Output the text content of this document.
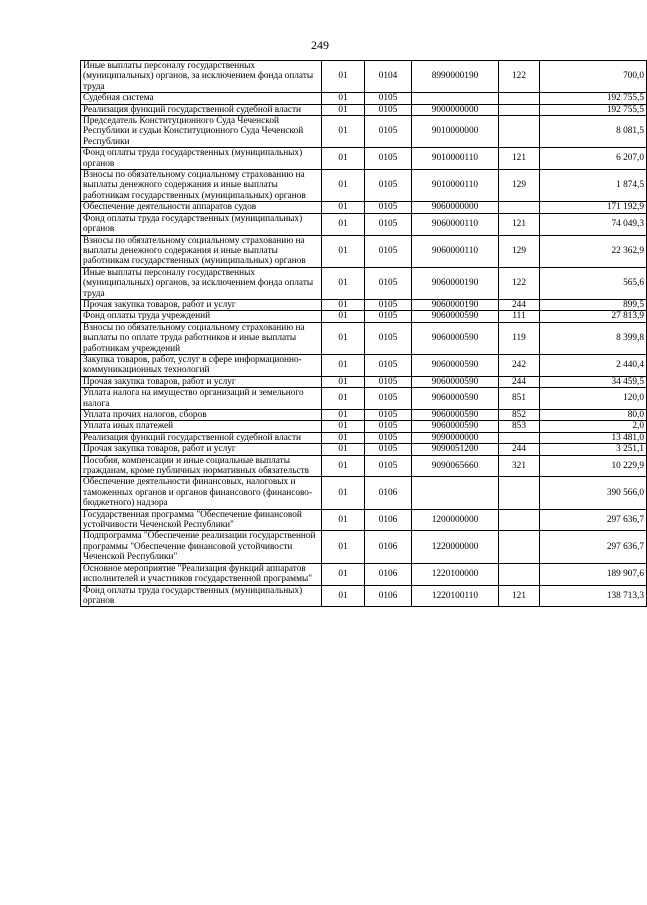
249
Иные выплаты персоналу государственных (муниципальных) органов, за исключением фонда оплаты труда	01	0104	8990000190	122	700,0
Судебная система	01	0105			192 755,5
Реализация функций государственной судебной власти	01	0105	9000000000		192 755,5
Председатель Конституционного Суда Чеченской Республики и судьи Конституционного Суда Чеченской Республики	01	0105	9010000000		8 081,5
Фонд оплаты труда государственных (муниципальных) органов	01	0105	9010000110	121	6 207,0
Взносы по обязательному социальному страхованию на выплаты денежного содержания и иные выплаты работникам государственных (муниципальных) органов	01	0105	9010000110	129	1 874,5
Обеспечение деятельности аппаратов судов	01	0105	9060000000		171 192,9
Фонд оплаты труда государственных (муниципальных) органов	01	0105	9060000110	121	74 049,3
Взносы по обязательному социальному страхованию на выплаты денежного содержания и иные выплаты работникам государственных (муниципальных) органов	01	0105	9060000110	129	22 362,9
Иные выплаты персоналу государственных (муниципальных) органов, за исключением фонда оплаты труда	01	0105	9060000190	122	565,6
Прочая закупка товаров, работ и услуг	01	0105	9060000190	244	899,5
Фонд оплаты труда учреждений	01	0105	9060000590	111	27 813,9
Взносы по обязательному социальному страхованию на выплаты по оплате труда работников и иные выплаты работникам учреждений	01	0105	9060000590	119	8 399,8
Закупка товаров, работ, услуг в сфере информационно-коммуникационных технологий	01	0105	9060000590	242	2 440,4
Прочая закупка товаров, работ и услуг	01	0105	9060000590	244	34 459,5
Уплата налога на имущество организаций и земельного налога	01	0105	9060000590	851	120,0
Уплата прочих налогов, сборов	01	0105	9060000590	852	80,0
Уплата иных платежей	01	0105	9060000590	853	2,0
Реализация функций государственной судебной власти	01	0105	9090000000		13 481,0
Прочая закупка товаров, работ и услуг	01	0105	9090051200	244	3 251,1
Пособия, компенсации и иные социальные выплаты гражданам, кроме публичных нормативных обязательств	01	0105	9090065660	321	10 229,9
Обеспечение деятельности финансовых, налоговых и таможенных органов и органов финансового (финансово-бюджетного) надзора	01	0106			390 566,0
Государственная программа "Обеспечение финансовой устойчивости Чеченской Республики"	01	0106	1200000000		297 636,7
Подпрограмма "Обеспечение реализации государственной программы "Обеспечение финансовой устойчивости Чеченской Республики"	01	0106	1220000000		297 636,7
Основное мероприятие "Реализация функций аппаратов исполнителей и участников государственной программы"	01	0106	1220100000		189 907,6
Фонд оплаты труда государственных (муниципальных) органов	01	0106	1220100110	121	138 713,3
